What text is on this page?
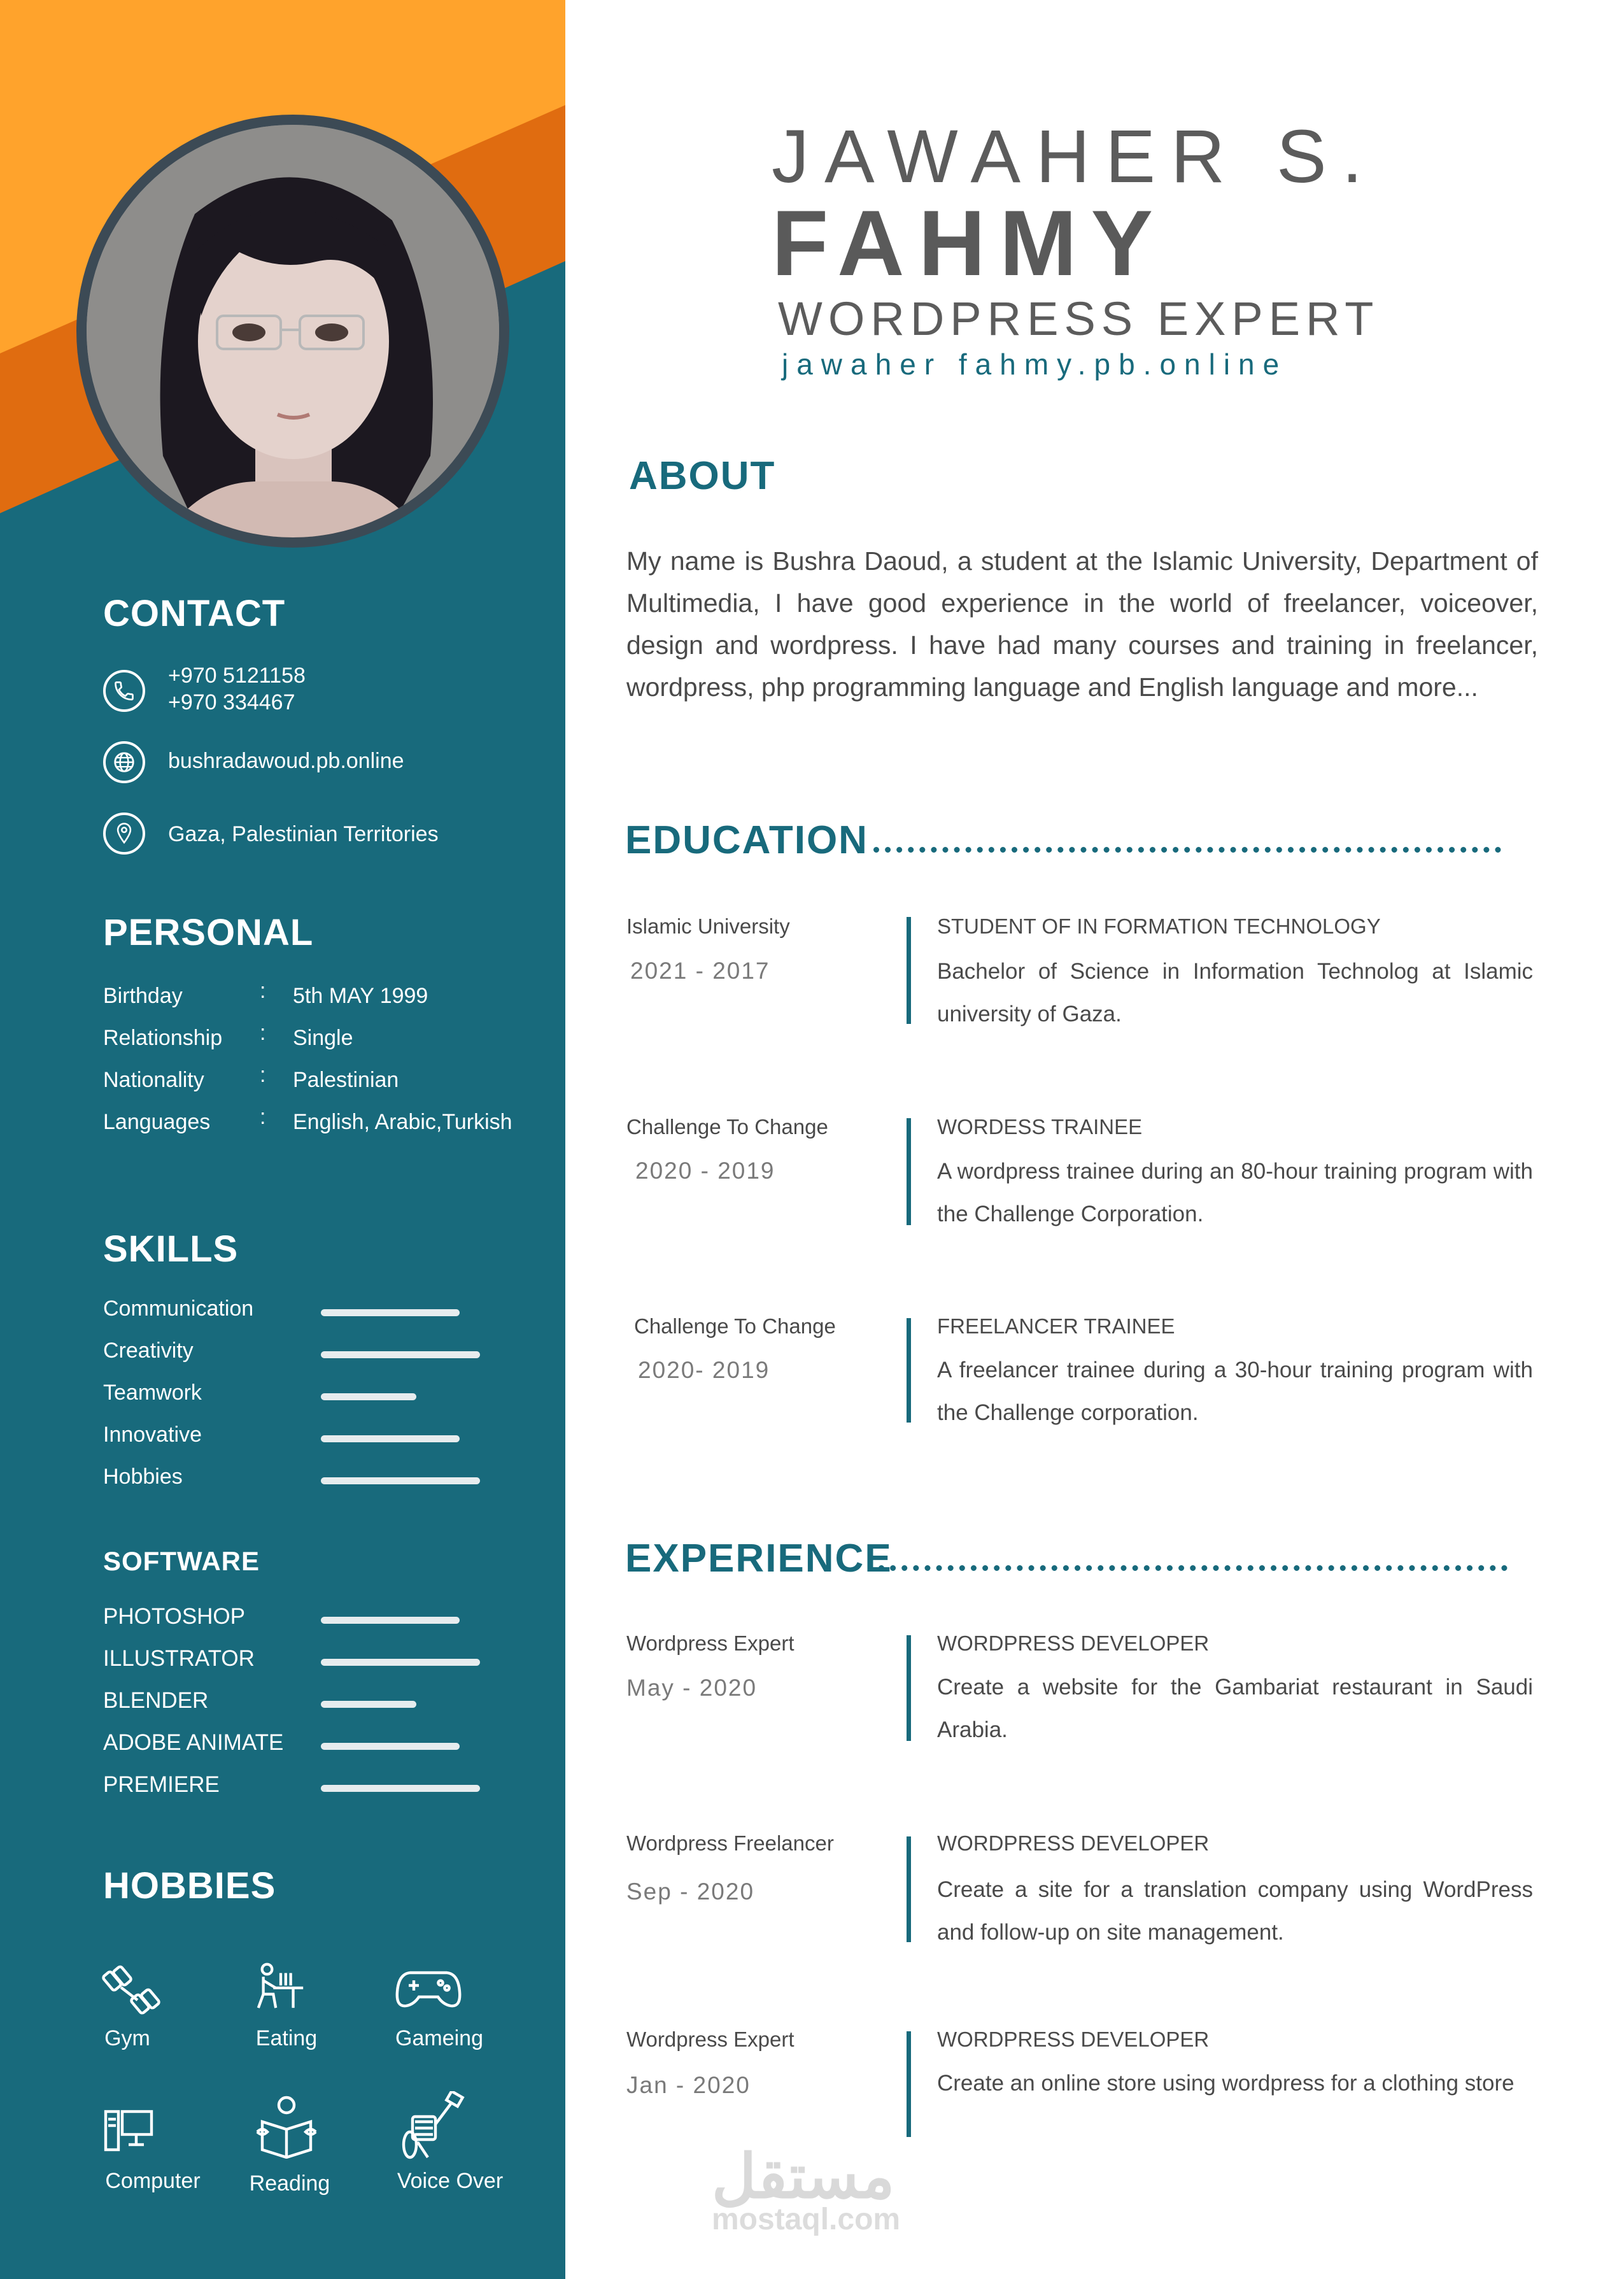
CONTACT
+970 5121158
+970 334467
bushradawoud.pb.online
Gaza, Palestinian Territories
PERSONAL
Birthday	: 5th MAY 1999
Relationship : Single
Nationality	: Palestinian
Languages : English, Arabic,Turkish
SKILLS
Communication
Creativity
Teamwork
Innovative
Hobbies
SOFTWARE
PHOTOSHOP
ILLUSTRATOR
BLENDER
ADOBE ANIMATE
PREMIERE
HOBBIES
Gym	Eating	Gameing
Computer	Reading	Voice Over
JAWAHER S.
FAHMY
WORDPRESS EXPERT
jawaher fahmy.pb.online
ABOUT
My name is Bushra Daoud, a student at the Islamic University, Department of Multimedia, I have good experience in the world of freelancer, voiceover, design and wordpress. I have had many courses and training in freelancer, wordpress, php programming language and English language and more...
EDUCATION
Islamic University
2021 - 2017
STUDENT OF IN FORMATION TECHNOLOGY
Bachelor of Science in Information Technolog at Islamic university of Gaza.
Challenge To Change
2020 - 2019
WORDESS TRAINEE
A wordpress trainee during an 80-hour training program with the Challenge Corporation.
Challenge To Change
2020- 2019
FREELANCER TRAINEE
A freelancer trainee during a 30-hour training program with the Challenge corporation.
EXPERIENCE
Wordpress Expert
May - 2020
WORDPRESS DEVELOPER
Create a website for the Gambariat restaurant in Saudi Arabia.
Wordpress Freelancer
Sep - 2020
WORDPRESS DEVELOPER
Create a site for a translation company using WordPress and follow-up on site management.
Wordpress Expert
Jan - 2020
WORDPRESS DEVELOPER
Create an online store using wordpress for a clothing store
مستقل
mostaql.com
